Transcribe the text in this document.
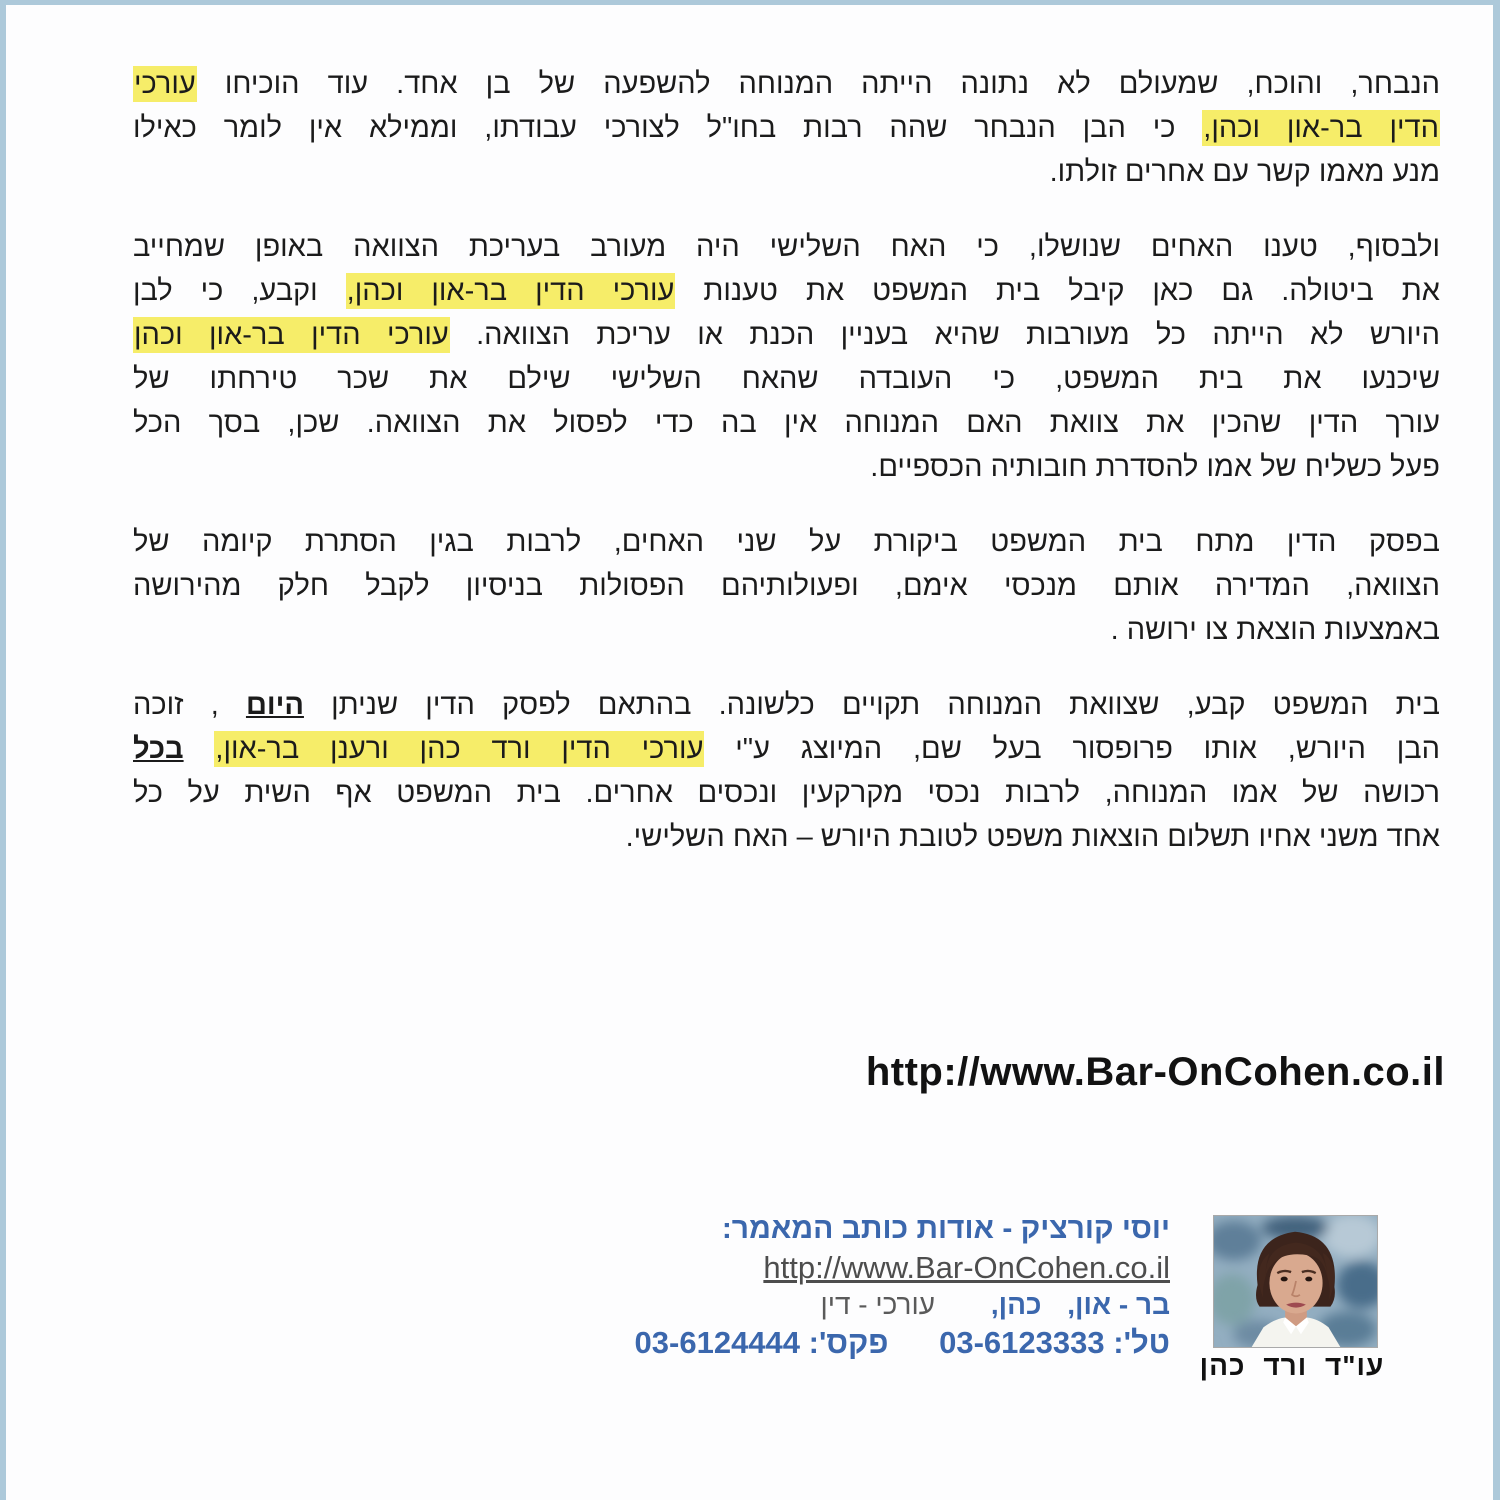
הנבחר, והוכח, שמעולם לא נתונה הייתה המנוחה להשפעה של בן אחד. עוד הוכיחו עורכי
הדין בר-און וכהן, כי הבן הנבחר שהה רבות בחו"ל לצורכי עבודתו, וממילא אין לומר כאילו
מנע מאמו קשר עם אחרים זולתו.
ולבסוף, טענו האחים שנושלו, כי האח השלישי היה מעורב בעריכת הצוואה באופן שמחייב
את ביטולה. גם כאן קיבל בית המשפט את טענות עורכי הדין בר-און וכהן, וקבע, כי לבן
היורש לא הייתה כל מעורבות שהיא בעניין הכנת או עריכת הצוואה. עורכי הדין בר-און וכהן
שיכנעו את בית המשפט, כי העובדה שהאח השלישי שילם את שכר טירחתו של
עורך הדין שהכין את צוואת האם המנוחה אין בה כדי לפסול את הצוואה. שכן, בסך הכל
פעל כשליח של אמו להסדרת חובותיה הכספיים.
בפסק הדין מתח בית המשפט ביקורת על שני האחים, לרבות בגין הסתרת קיומה של
הצוואה, המדירה אותם מנכסי אימם, ופעולותיהם הפסולות בניסיון לקבל חלק מהירושה
באמצעות הוצאת צו ירושה .
בית המשפט קבע, שצוואת המנוחה תקויים כלשונה. בהתאם לפסק הדין שניתן היום , זוכה
הבן היורש, אותו פרופסור בעל שם, המיוצג ע"י עורכי הדין ורד כהן ורענן בר-און, בכל
רכושה של אמו המנוחה, לרבות נכסי מקרקעין ונכסים אחרים. בית המשפט אף השית על כל
אחד משני אחיו תשלום הוצאות משפט לטובת היורש – האח השלישי.
http://www.Bar-OnCohen.co.il
יוסי קורציק - אודות כותב המאמר:
http://www.Bar-OnCohen.co.il
בר - און, כהן, עורכי - דין
טל': 03-6123333 פקס': 03-6124444
עו"ד ורד כהן
